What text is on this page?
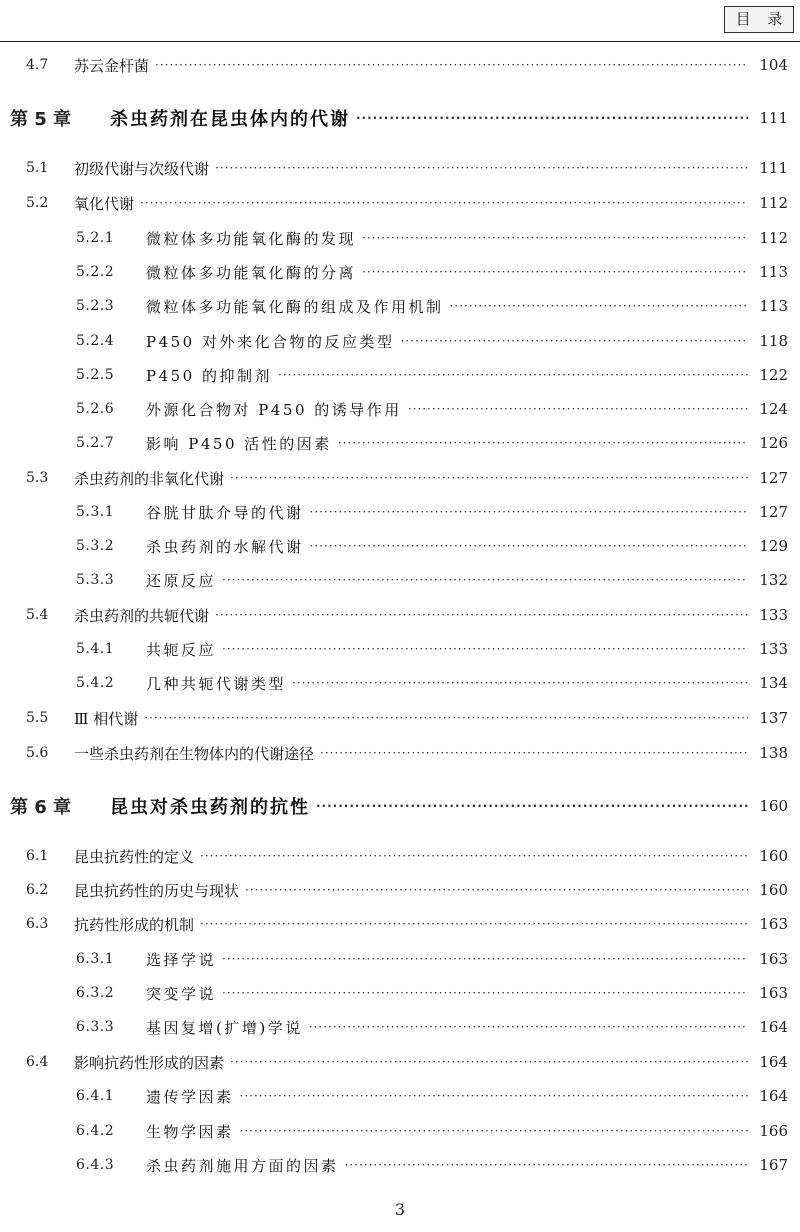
目 录
4.7	苏云金杆菌 ·····	104
第 5 章	杀虫药剂在昆虫体内的代谢 ·····	111
5.1	初级代谢与次级代谢 ·····	111
5.2	氧化代谢 ·····	112
5.2.1	微粒体多功能氧化酶的发现 ·····	112
5.2.2	微粒体多功能氧化酶的分离 ·····	113
5.2.3	微粒体多功能氧化酶的组成及作用机制 ·····	113
5.2.4	P450 对外来化合物的反应类型 ·····	118
5.2.5	P450 的抑制剂 ·····	122
5.2.6	外源化合物对 P450 的诱导作用 ·····	124
5.2.7	影响 P450 活性的因素 ·····	126
5.3	杀虫药剂的非氧化代谢 ·····	127
5.3.1	谷胱甘肽介导的代谢 ·····	127
5.3.2	杀虫药剂的水解代谢 ·····	129
5.3.3	还原反应 ·····	132
5.4	杀虫药剂的共轭代谢 ·····	133
5.4.1	共轭反应 ·····	133
5.4.2	几种共轭代谢类型 ·····	134
5.5	Ⅲ 相代谢 ·····	137
5.6	一些杀虫药剂在生物体内的代谢途径 ·····	138
第 6 章	昆虫对杀虫药剂的抗性 ·····	160
6.1	昆虫抗药性的定义 ·····	160
6.2	昆虫抗药性的历史与现状 ·····	160
6.3	抗药性形成的机制 ·····	163
6.3.1	选择学说 ·····	163
6.3.2	突变学说 ·····	163
6.3.3	基因复增(扩增)学说 ·····	164
6.4	影响抗药性形成的因素 ·····	164
6.4.1	遗传学因素 ·····	164
6.4.2	生物学因素 ·····	166
6.4.3	杀虫药剂施用方面的因素 ·····	167
3
